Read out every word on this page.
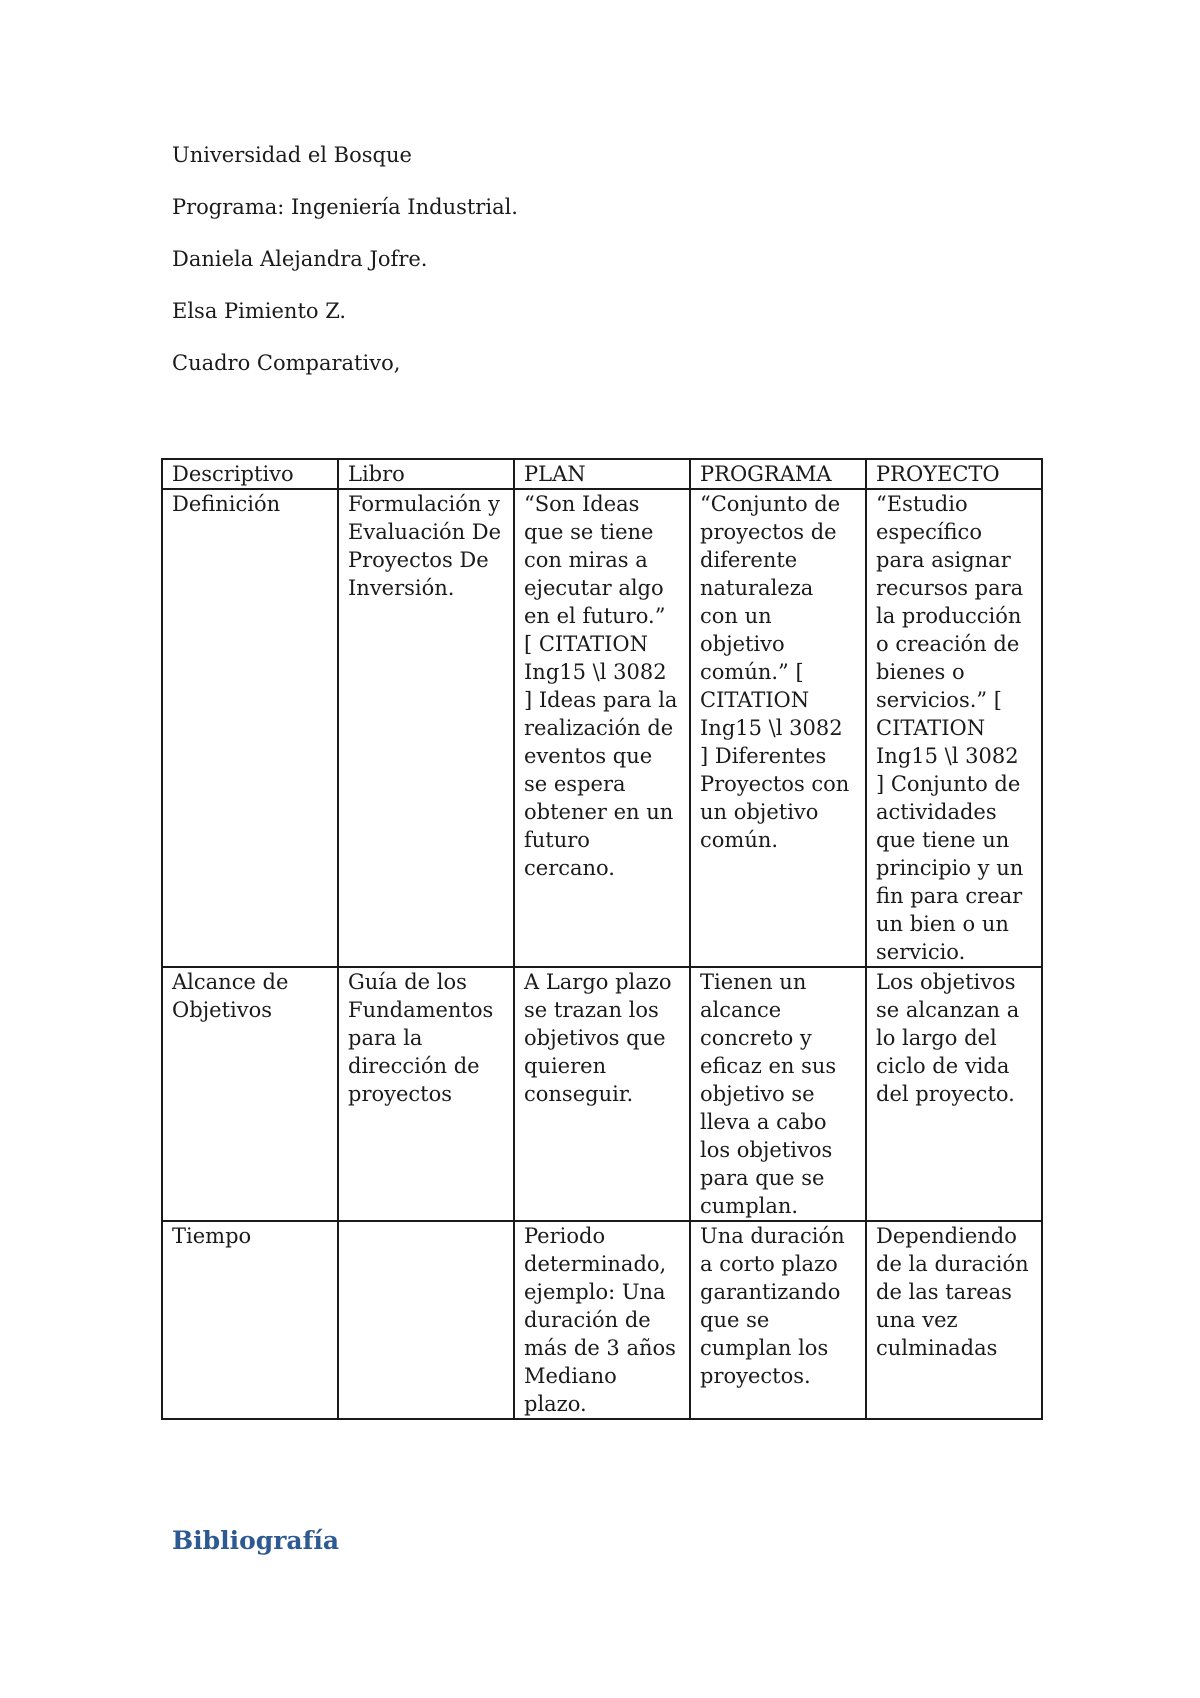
Universidad el Bosque
Programa: Ingeniería Industrial.
Daniela Alejandra Jofre.
Elsa Pimiento Z.
Cuadro Comparativo,
Descriptivo	Libro	PLAN	PROGRAMA	PROYECTO
Definición	Formulación y Evaluación De Proyectos De Inversión.	“Son Ideas que se tiene con miras a ejecutar algo en el futuro.” [ CITATION Ing15 \l 3082 ] Ideas para la realización de eventos que se espera obtener en un futuro cercano.	“Conjunto de proyectos de diferente naturaleza con un objetivo común.” [ CITATION Ing15 \l 3082 ] Diferentes Proyectos con un objetivo común.	“Estudio específico para asignar recursos para la producción o creación de bienes o servicios.” [ CITATION Ing15 \l 3082 ] Conjunto de actividades que tiene un principio y un fin para crear un bien o un servicio.
Alcance de Objetivos	Guía de los Fundamentos para la dirección de proyectos	A Largo plazo se trazan los objetivos que quieren conseguir.	Tienen un alcance concreto y eficaz en sus objetivo se lleva a cabo los objetivos para que se cumplan.	Los objetivos se alcanzan a lo largo del ciclo de vida del proyecto.
Tiempo		Periodo determinado, ejemplo: Una duración de más de 3 años Mediano plazo.	Una duración a corto plazo garantizando que se cumplan los proyectos.	Dependiendo de la duración de las tareas una vez culminadas
Bibliografía
